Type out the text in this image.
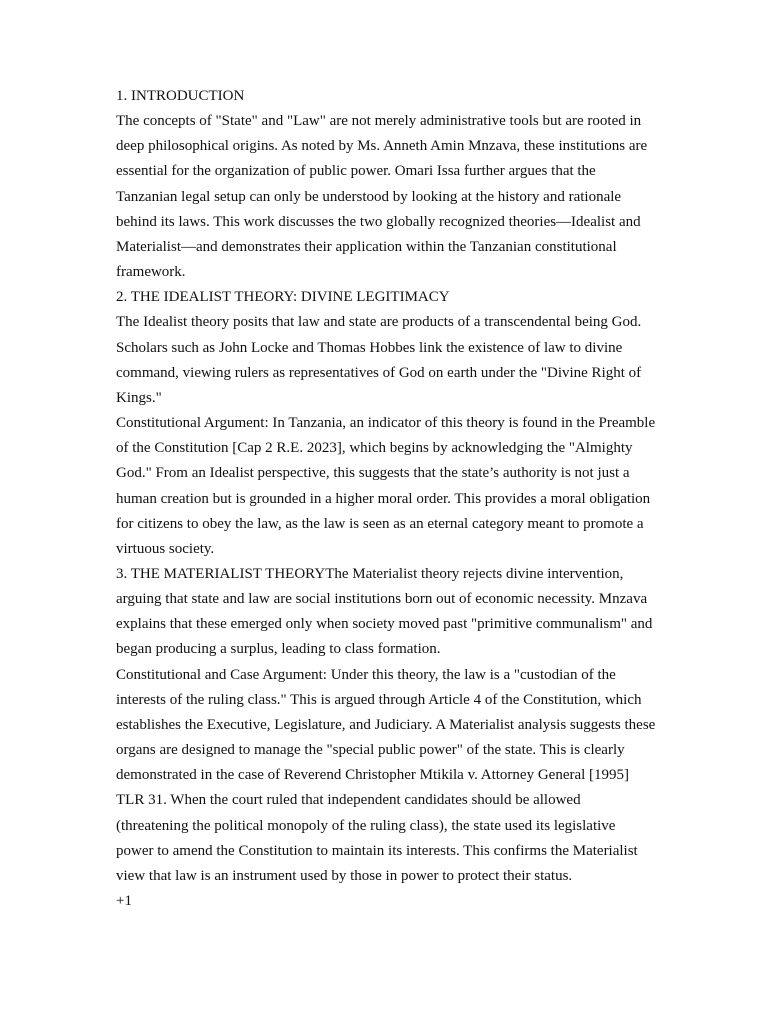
1. INTRODUCTION

The concepts of "State" and "Law" are not merely administrative tools but are rooted in deep philosophical origins. As noted by Ms. Anneth Amin Mnzava, these institutions are essential for the organization of public power. Omari Issa further argues that the Tanzanian legal setup can only be understood by looking at the history and rationale behind its laws. This work discusses the two globally recognized theories—Idealist and Materialist—and demonstrates their application within the Tanzanian constitutional framework.

2. THE IDEALIST THEORY: DIVINE LEGITIMACY

The Idealist theory posits that law and state are products of a transcendental being God. Scholars such as John Locke and Thomas Hobbes link the existence of law to divine command, viewing rulers as representatives of God on earth under the "Divine Right of Kings."

Constitutional Argument: In Tanzania, an indicator of this theory is found in the Preamble of the Constitution [Cap 2 R.E. 2023], which begins by acknowledging the "Almighty God." From an Idealist perspective, this suggests that the state’s authority is not just a human creation but is grounded in a higher moral order. This provides a moral obligation for citizens to obey the law, as the law is seen as an eternal category meant to promote a virtuous society.

3. THE MATERIALIST THEORYThe Materialist theory rejects divine intervention, arguing that state and law are social institutions born out of economic necessity. Mnzava explains that these emerged only when society moved past "primitive communalism" and began producing a surplus, leading to class formation.

Constitutional and Case Argument: Under this theory, the law is a "custodian of the interests of the ruling class." This is argued through Article 4 of the Constitution, which establishes the Executive, Legislature, and Judiciary. A Materialist analysis suggests these organs are designed to manage the "special public power" of the state. This is clearly demonstrated in the case of Reverend Christopher Mtikila v. Attorney General [1995] TLR 31. When the court ruled that independent candidates should be allowed (threatening the political monopoly of the ruling class), the state used its legislative power to amend the Constitution to maintain its interests. This confirms the Materialist view that law is an instrument used by those in power to protect their status.

+1
